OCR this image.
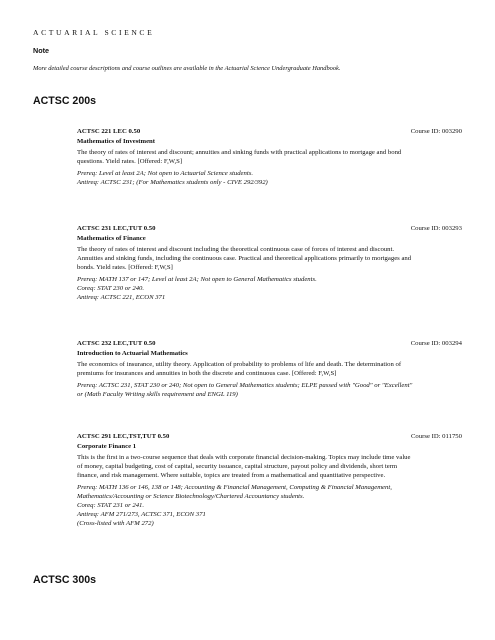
ACTUARIAL SCIENCE
Note
More detailed course descriptions and course outlines are available in the Actuarial Science Undergraduate Handbook.
ACTSC 200s
ACTSC 221 LEC 0.50	Course ID: 003290
Mathematics of Investment
The theory of rates of interest and discount; annuities and sinking funds with practical applications to mortgage and bond
questions. Yield rates. [Offered: F,W,S]
Prereq: Level at least 2A; Not open to Actuarial Science students.
Antireq: ACTSC 231; (For Mathematics students only - CIVE 292/392)
ACTSC 231 LEC,TUT 0.50	Course ID: 003293
Mathematics of Finance
The theory of rates of interest and discount including the theoretical continuous case of forces of interest and discount.
Annuities and sinking funds, including the continuous case. Practical and theoretical applications primarily to mortgages and
bonds. Yield rates. [Offered: F,W,S]
Prereq: MATH 137 or 147; Level at least 2A; Not open to General Mathematics students.
Coreq: STAT 230 or 240.
Antireq: ACTSC 221, ECON 371
ACTSC 232 LEC,TUT 0.50	Course ID: 003294
Introduction to Actuarial Mathematics
The economics of insurance, utility theory. Application of probability to problems of life and death. The determination of
premiums for insurances and annuities in both the discrete and continuous case. [Offered: F,W,S]
Prereq: ACTSC 231, STAT 230 or 240; Not open to General Mathematics students; ELPE passed with "Good" or "Excellent"
or (Math Faculty Writing skills requirement and ENGL 119)
ACTSC 291 LEC,TST,TUT 0.50	Course ID: 011750
Corporate Finance 1
This is the first in a two-course sequence that deals with corporate financial decision-making. Topics may include time value
of money, capital budgeting, cost of capital, security issuance, capital structure, payout policy and dividends, short term
finance, and risk management. Where suitable, topics are treated from a mathematical and quantitative perspective.
Prereq: MATH 136 or 146, 138 or 148; Accounting & Financial Management, Computing & Financial Management,
Mathematics/Accounting or Science Biotechnology/Chartered Accountancy students.
Coreq: STAT 231 or 241.
Antireq: AFM 271/273, ACTSC 371, ECON 371
(Cross-listed with AFM 272)
ACTSC 300s
